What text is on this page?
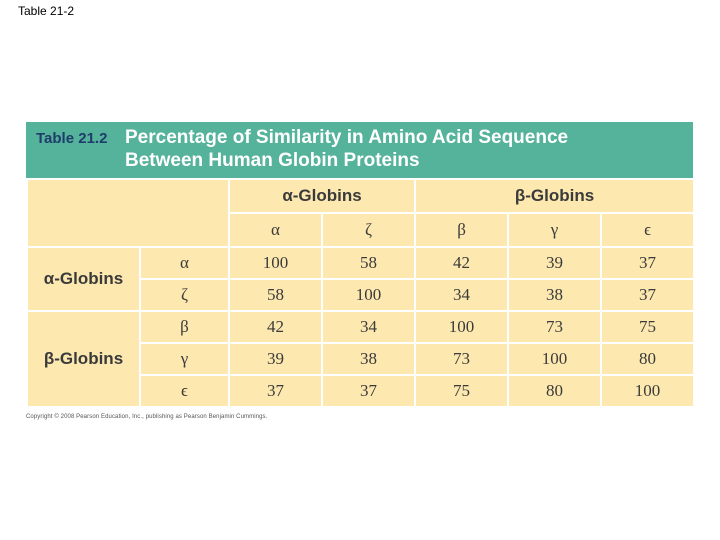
Table 21-2
Table 21.2 Percentage of Similarity in Amino Acid Sequence
Between Human Globin Proteins
		α-Globins		β-Globins		
		α	ζ	β	γ	ϵ
α-Globins	α	100	58	42	39	37
	ζ	58	100	34	38	37
β-Globins	β	42	34	100	73	75
	γ	39	38	73	100	80
	ϵ	37	37	75	80	100
Copyright © 2008 Pearson Education, Inc., publishing as Pearson Benjamin Cummings.
